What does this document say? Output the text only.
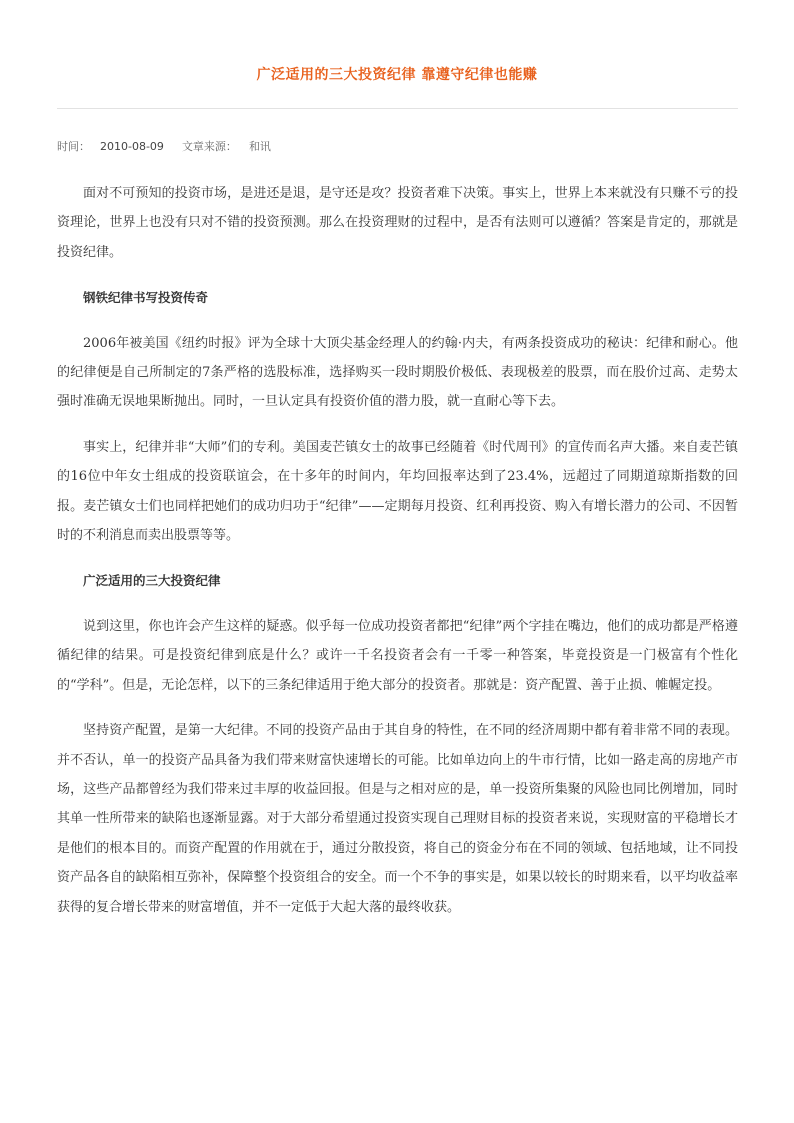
广泛适用的三大投资纪律 靠遵守纪律也能赚
时间： 2010-08-09 文章来源： 和讯

面对不可预知的投资市场，是进还是退，是守还是攻？投资者难下决策。事实上，世界上本来就没有只赚不亏的投资理论，世界上也没有只对不错的投资预测。那么在投资理财的过程中，是否有法则可以遵循？答案是肯定的，那就是投资纪律。

钢铁纪律书写投资传奇

2006年被美国《纽约时报》评为全球十大顶尖基金经理人的约翰·内夫，有两条投资成功的秘诀：纪律和耐心。他的纪律便是自己所制定的7条严格的选股标准，选择购买一段时期股价极低、表现极差的股票，而在股价过高、走势太强时准确无误地果断抛出。同时，一旦认定具有投资价值的潜力股，就一直耐心等下去。

事实上，纪律并非“大师”们的专利。美国麦芒镇女士的故事已经随着《时代周刊》的宣传而名声大播。来自麦芒镇的16位中年女士组成的投资联谊会，在十多年的时间内，年均回报率达到了23.4%，远超过了同期道琼斯指数的回报。麦芒镇女士们也同样把她们的成功归功于“纪律”——定期每月投资、红利再投资、购入有增长潜力的公司、不因暂时的不利消息而卖出股票等等。

广泛适用的三大投资纪律

说到这里，你也许会产生这样的疑惑。似乎每一位成功投资者都把“纪律”两个字挂在嘴边，他们的成功都是严格遵循纪律的结果。可是投资纪律到底是什么？或许一千名投资者会有一千零一种答案，毕竟投资是一门极富有个性化的“学科”。但是，无论怎样，以下的三条纪律适用于绝大部分的投资者。那就是：资产配置、善于止损、帷幄定投。

坚持资产配置，是第一大纪律。不同的投资产品由于其自身的特性，在不同的经济周期中都有着非常不同的表现。并不否认，单一的投资产品具备为我们带来财富快速增长的可能。比如单边向上的牛市行情，比如一路走高的房地产市场，这些产品都曾经为我们带来过丰厚的收益回报。但是与之相对应的是，单一投资所集聚的风险也同比例增加，同时其单一性所带来的缺陷也逐渐显露。对于大部分希望通过投资实现自己理财目标的投资者来说，实现财富的平稳增长才是他们的根本目的。而资产配置的作用就在于，通过分散投资，将自己的资金分布在不同的领域、包括地域，让不同投资产品各自的缺陷相互弥补，保障整个投资组合的安全。而一个不争的事实是，如果以较长的时期来看，以平均收益率获得的复合增长带来的财富增值，并不一定低于大起大落的最终收获。
